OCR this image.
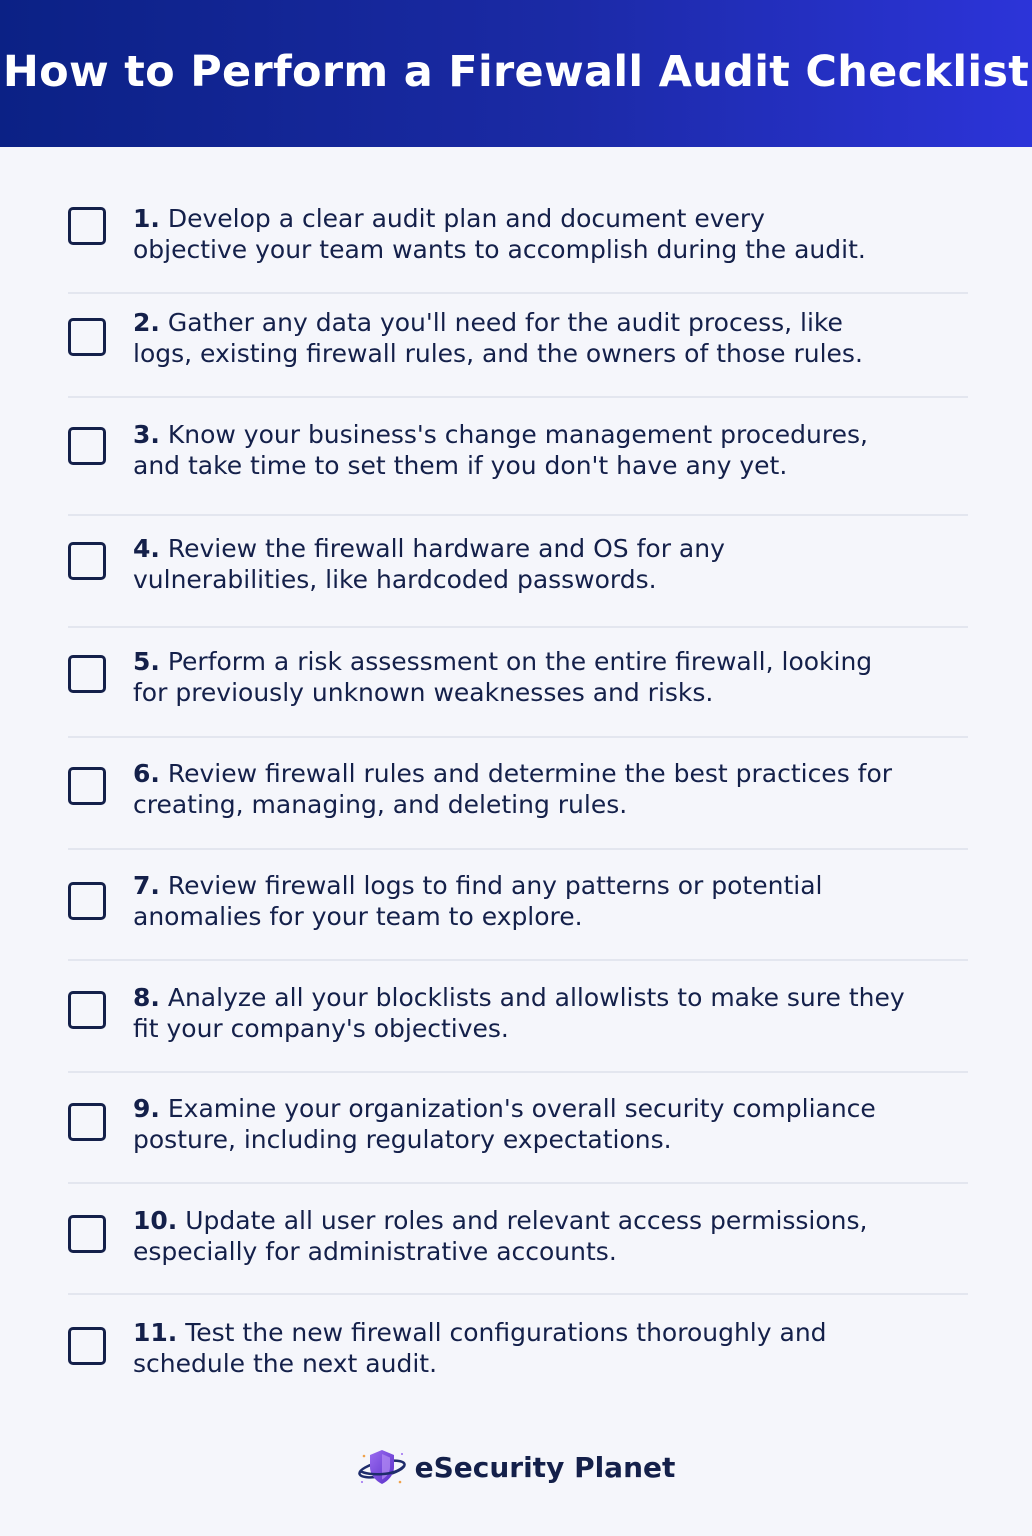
How to Perform a Firewall Audit Checklist
1. Develop a clear audit plan and document every
objective your team wants to accomplish during the audit.
2. Gather any data you'll need for the audit process, like
logs, existing firewall rules, and the owners of those rules.
3. Know your business's change management procedures,
and take time to set them if you don't have any yet.
4. Review the firewall hardware and OS for any
vulnerabilities, like hardcoded passwords.
5. Perform a risk assessment on the entire firewall, looking
for previously unknown weaknesses and risks.
6. Review firewall rules and determine the best practices for
creating, managing, and deleting rules.
7. Review firewall logs to find any patterns or potential
anomalies for your team to explore.
8. Analyze all your blocklists and allowlists to make sure they
fit your company's objectives.
9. Examine your organization's overall security compliance
posture, including regulatory expectations.
10. Update all user roles and relevant access permissions,
especially for administrative accounts.
11. Test the new firewall configurations thoroughly and
schedule the next audit.
eSecurity Planet
